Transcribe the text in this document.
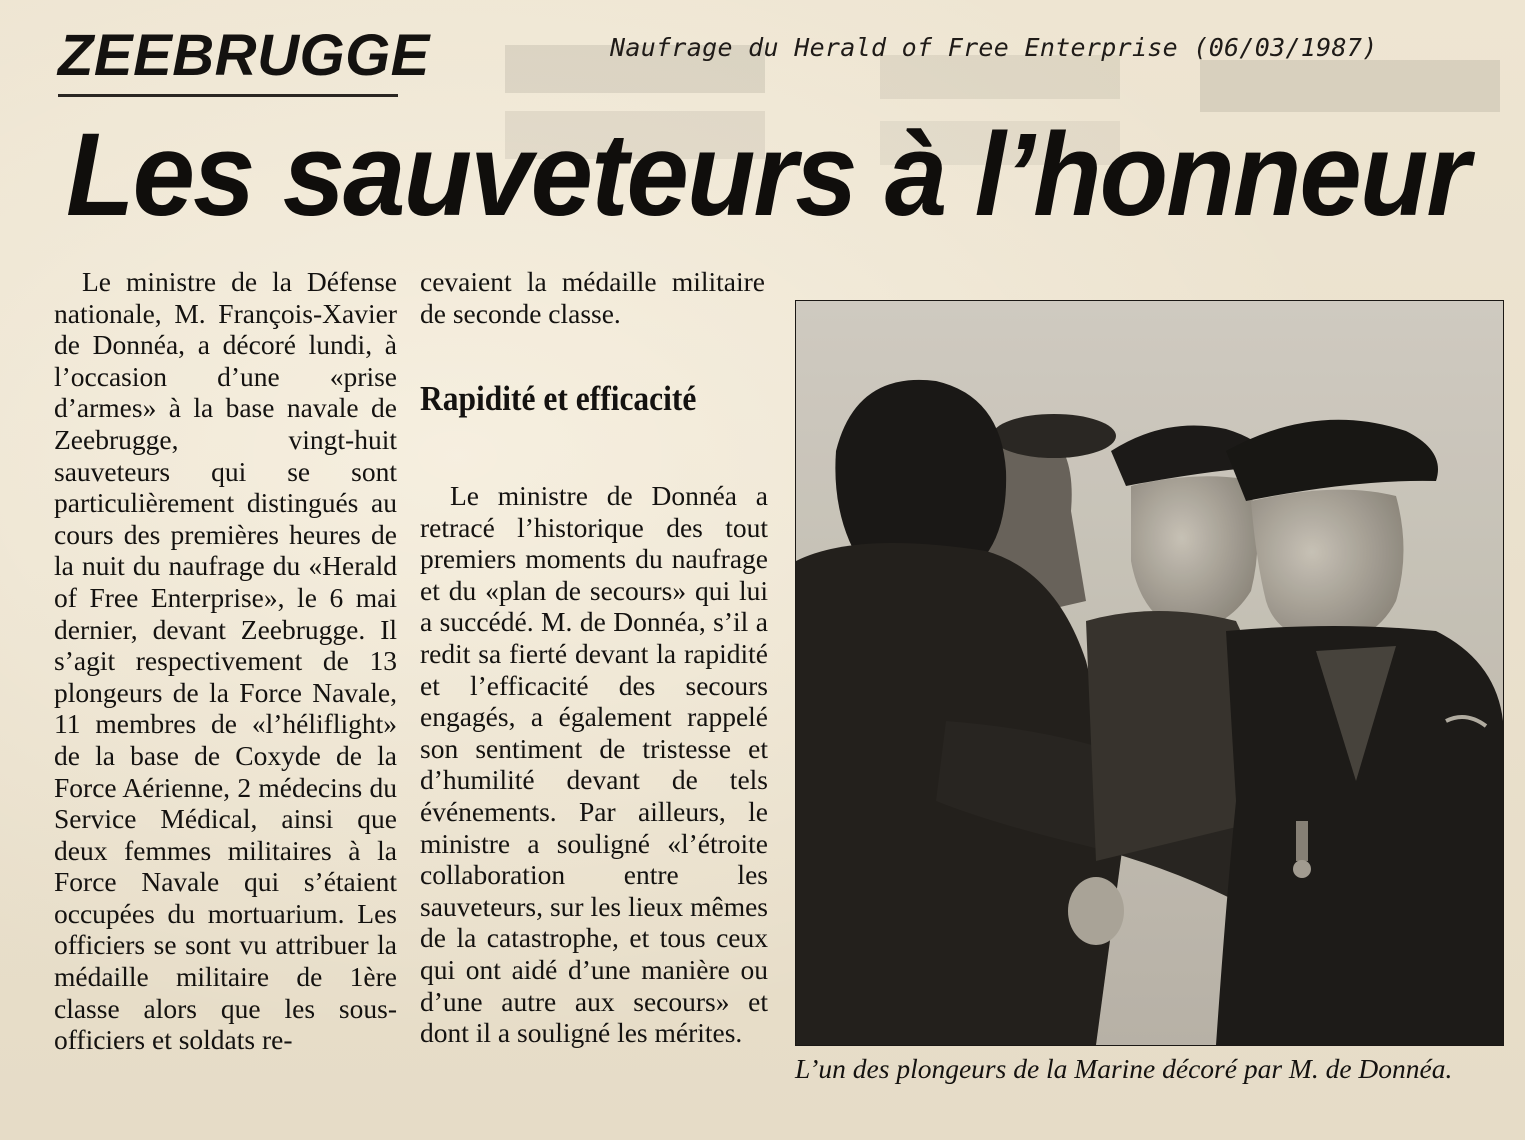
ZEEBRUGGE	Naufrage du Herald of Free Enterprise (06/03/1987)
Les sauveteurs à l’honneur
Le ministre de la Défense nationale, M. François-Xavier de Donnéa, a décoré lundi, à l’occasion d’une «prise d’armes» à la base navale de Zeebrugge, vingt-huit sauveteurs qui se sont particulièrement distingués au cours des premières heures de la nuit du naufrage du «Herald of Free Enterprise», le 6 mai dernier, devant Zeebrugge. Il s’agit respectivement de 13 plongeurs de la Force Navale, 11 membres de «l’héliflight» de la base de Coxyde de la Force Aérienne, 2 médecins du Service Médical, ainsi que deux femmes militaires à la Force Navale qui s’étaient occupées du mortuarium. Les officiers se sont vu attribuer la médaille militaire de 1ère classe alors que les sous-officiers et soldats re-
cevaient la médaille militaire de seconde classe.
Rapidité et efficacité
Le ministre de Donnéa a retracé l’historique des tout premiers moments du naufrage et du «plan de secours» qui lui a succédé. M. de Donnéa, s’il a redit sa fierté devant la rapidité et l’efficacité des secours engagés, a également rappelé son sentiment de tristesse et d’humilité devant de tels événements. Par ailleurs, le ministre a souligné «l’étroite collaboration entre les sauveteurs, sur les lieux mêmes de la catastrophe, et tous ceux qui ont aidé d’une manière ou d’une autre aux secours» et dont il a souligné les mérites.
L’un des plongeurs de la Marine décoré par M. de Donnéa.
